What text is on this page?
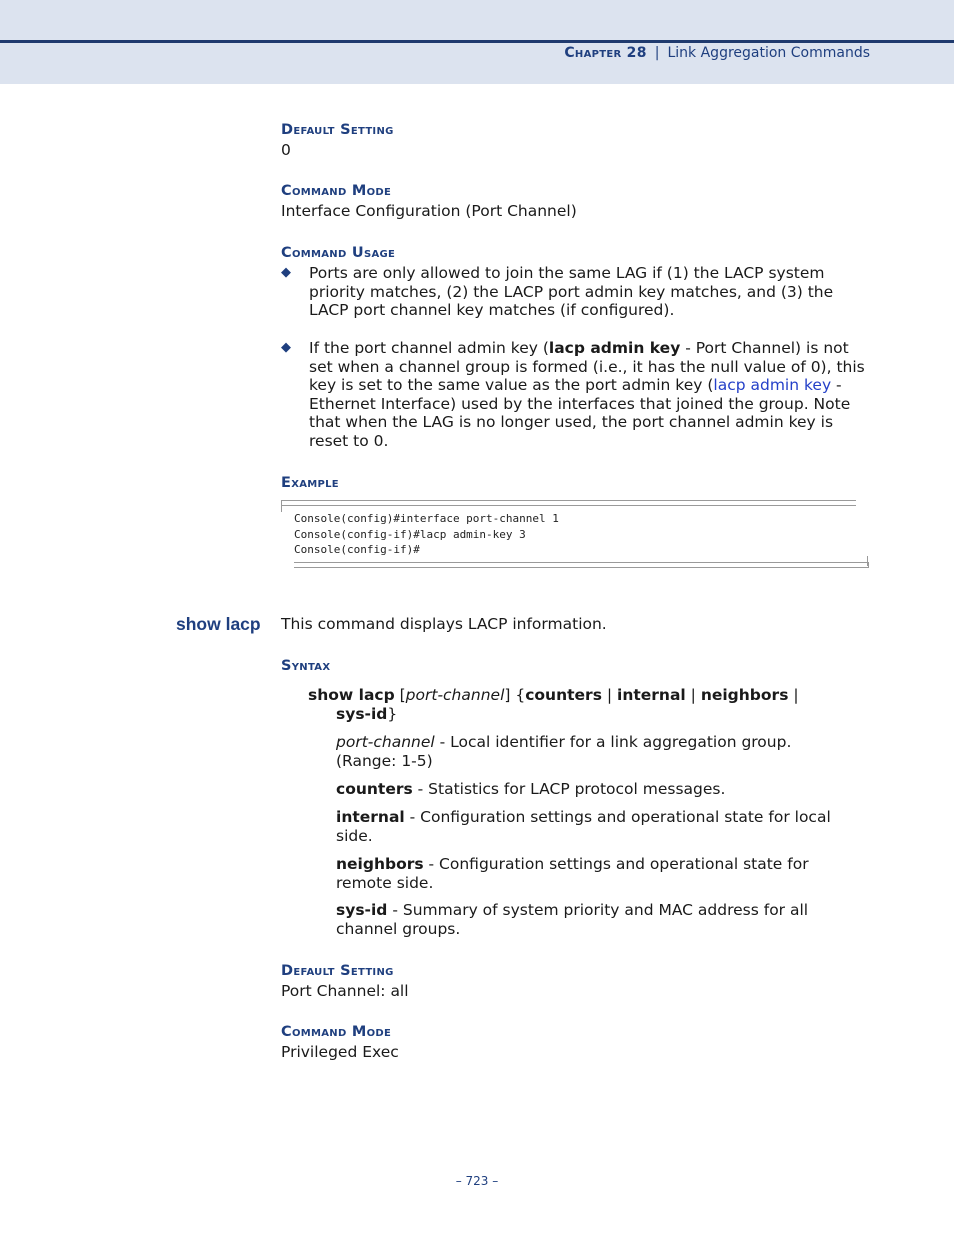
Chapter 28 | Link Aggregation Commands
Default Setting
0
Command Mode
Interface Configuration (Port Channel)
Command Usage
◆ Ports are only allowed to join the same LAG if (1) the LACP system priority matches, (2) the LACP port admin key matches, and (3) the LACP port channel key matches (if configured).
◆ If the port channel admin key (lacp admin key - Port Channel) is not set when a channel group is formed (i.e., it has the null value of 0), this key is set to the same value as the port admin key (lacp admin key - Ethernet Interface) used by the interfaces that joined the group. Note that when the LAG is no longer used, the port channel admin key is reset to 0.
Example
Console(config)#interface port-channel 1
Console(config-if)#lacp admin-key 3
Console(config-if)#
show lacp This command displays LACP information.
Syntax
show lacp [port-channel] {counters | internal | neighbors |
sys-id}
port-channel - Local identifier for a link aggregation group. (Range: 1-5)
counters - Statistics for LACP protocol messages.
internal - Configuration settings and operational state for local side.
neighbors - Configuration settings and operational state for remote side.
sys-id - Summary of system priority and MAC address for all channel groups.
Default Setting
Port Channel: all
Command Mode
Privileged Exec
– 723 –
